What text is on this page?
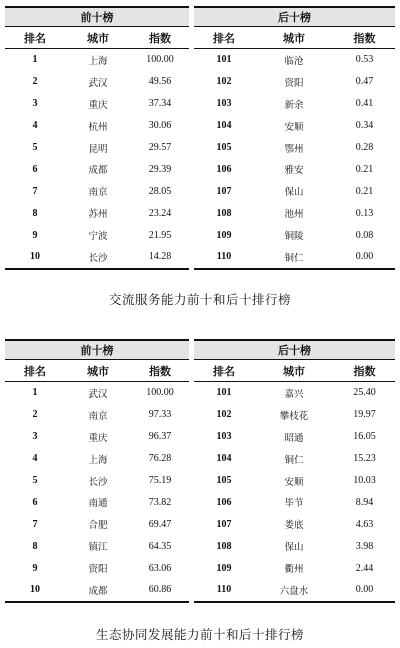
前十榜		
排名	城市	指数
1	上海	100.00
2	武汉	49.56
3	重庆	37.34
4	杭州	30.06
5	昆明	29.57
6	成都	29.39
7	南京	28.05
8	苏州	23.24
9	宁波	21.95
10	长沙	14.28
后十榜		
排名	城市	指数
101	临沧	0.53
102	资阳	0.47
103	新余	0.41
104	安顺	0.34
105	鄂州	0.28
106	雅安	0.21
107	保山	0.21
108	池州	0.13
109	铜陵	0.08
110	铜仁	0.00
交流服务能力前十和后十排行榜
前十榜		
排名	城市	指数
1	武汉	100.00
2	南京	97.33
3	重庆	96.37
4	上海	76.28
5	长沙	75.19
6	南通	73.82
7	合肥	69.47
8	镇江	64.35
9	资阳	63.06
10	成都	60.86
后十榜		
排名	城市	指数
101	嘉兴	25.40
102	攀枝花	19.97
103	昭通	16.05
104	铜仁	15.23
105	安顺	10.03
106	毕节	8.94
107	娄底	4.63
108	保山	3.98
109	衢州	2.44
110	六盘水	0.00
生态协同发展能力前十和后十排行榜
